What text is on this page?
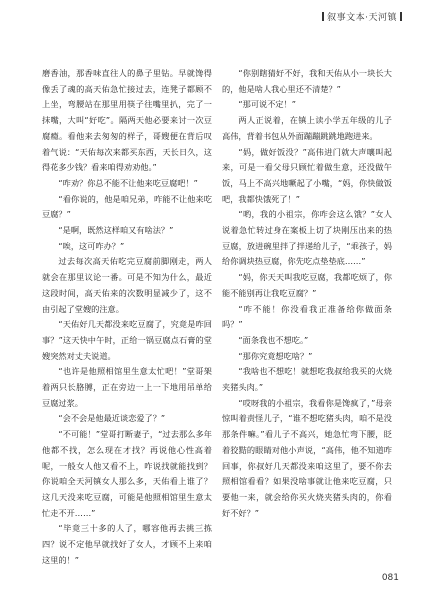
叙事文本·天河镇

磨香油，那香味直往人的鼻子里钻。早就馋得像丢了魂的高天佑急忙接过去，连凳子都顾不上坐，弯腰站在那里用筷子往嘴里扒，完了一抹嘴，大叫“好吃”。隔两天他必要来讨一次豆腐瘾。看他来去匆匆的样子，哥嫂便在背后叹着气说：“天佑每次来都买东西，天长日久，这得花多少钱？看来咱得劝劝他。”

“咋劝？你总不能不让他来吃豆腐吧！”

“看你说的，他是咱兄弟，咋能不让他来吃豆腐？”

“是啊，既然这样咱又有啥法？”

“唉，这可咋办？”

过去每次高天佑吃完豆腐前脚刚走，两人就会在那里议论一番。可是不知为什么，最近这段时间，高天佑来的次数明显减少了，这不由引起了堂嫂的注意。

“天佑好几天都没来吃豆腐了，究竟是咋回事？”这天快中午时，正给一锅豆腐点石膏的堂嫂突然对丈夫说道。

“也许是他照相馆里生意太忙吧！”堂哥架着两只长胳膊，正在旁边一上一下地用吊单给豆腐过浆。

“会不会是他最近谈恋爱了？”

“不可能！”堂哥打断妻子，“过去那么多年他都不找，怎么现在才找？再说他心性高着呢，一般女人他又看不上，咋说找就能找到？你说咱全天河镇女人那么多，天佑看上谁了？这几天没来吃豆腐，可能是他照相馆里生意太忙走不开……”

“毕竟三十多的人了，哪容他再去挑三拣四？说不定他早就找好了女人，才顾不上来咱这里的！”

“你别瞎猜好不好，我和天佑从小一块长大的，他是啥人我心里还不清楚？”

“那可说不定！”

两人正说着，在镇上读小学五年级的儿子高伟，背着书包从外面蹦蹦跳跳地跑进来。

“妈，做好饭没？”高伟进门就大声嚷叫起来，可是一看父母只顾忙着做生意，还没做午饭，马上不高兴地噘起了小嘴，“妈，你快做饭吧，我都快饿死了！”

“哟，我的小祖宗，你咋会这么饿？”女人说着急忙转过身在案板上切了块刚压出来的热豆腐，放进碗里拌了拌递给儿子，“乖孩子，妈给你调块热豆腐，你先吃点垫垫底……”

“妈，你天天叫我吃豆腐，我都吃烦了，你能不能别再让我吃豆腐？”

“咋不能！你没看我正准备给你做面条吗？”

“面条我也不想吃。”

“那你究竟想吃啥？”

“我啥也不想吃！就想吃我叔给我买的火烧夹猪头肉。”

“哎呀我的小祖宗，我看你是馋疯了，”母亲惊叫着责怪儿子，“谁不想吃猪头肉，咱不是没那条件嘛。”看儿子不高兴，她急忙弯下腰，眨着狡黠的眼睛对他小声说，“高伟，他不知道咋回事，你叔好几天都没来咱这里了，要不你去照相馆看看？如果没啥事就让他来吃豆腐，只要他一来，就会给你买火烧夹猪头肉的，你看好不好？”

081
